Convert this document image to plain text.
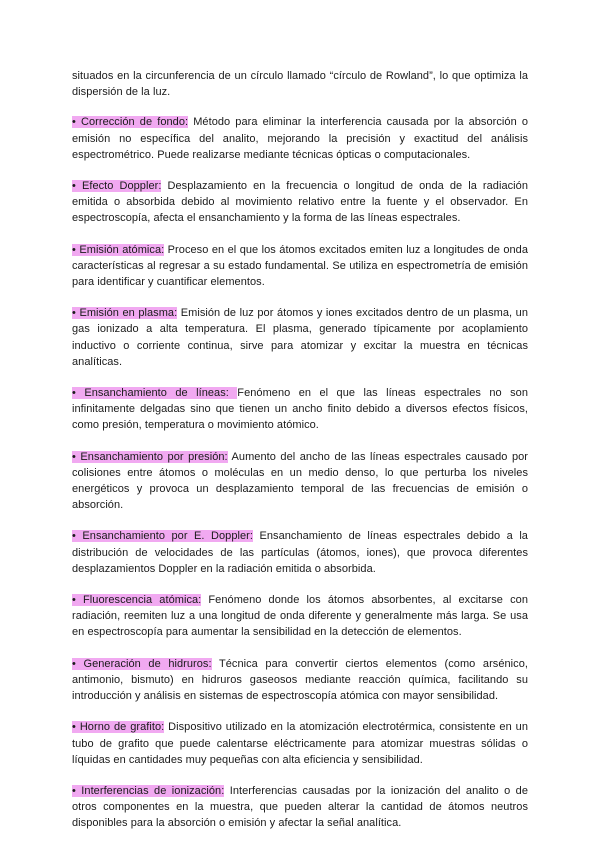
situados en la circunferencia de un círculo llamado “círculo de Rowland”, lo que optimiza la dispersión de la luz.

• Corrección de fondo: Método para eliminar la interferencia causada por la absorción o emisión no específica del analito, mejorando la precisión y exactitud del análisis espectrométrico. Puede realizarse mediante técnicas ópticas o computacionales.

• Efecto Doppler: Desplazamiento en la frecuencia o longitud de onda de la radiación emitida o absorbida debido al movimiento relativo entre la fuente y el observador. En espectroscopía, afecta el ensanchamiento y la forma de las líneas espectrales.

• Emisión atómica: Proceso en el que los átomos excitados emiten luz a longitudes de onda características al regresar a su estado fundamental. Se utiliza en espectrometría de emisión para identificar y cuantificar elementos.

• Emisión en plasma: Emisión de luz por átomos y iones excitados dentro de un plasma, un gas ionizado a alta temperatura. El plasma, generado típicamente por acoplamiento inductivo o corriente continua, sirve para atomizar y excitar la muestra en técnicas analíticas.

• Ensanchamiento de líneas: Fenómeno en el que las líneas espectrales no son infinitamente delgadas sino que tienen un ancho finito debido a diversos efectos físicos, como presión, temperatura o movimiento atómico.

• Ensanchamiento por presión: Aumento del ancho de las líneas espectrales causado por colisiones entre átomos o moléculas en un medio denso, lo que perturba los niveles energéticos y provoca un desplazamiento temporal de las frecuencias de emisión o absorción.

• Ensanchamiento por E. Doppler: Ensanchamiento de líneas espectrales debido a la distribución de velocidades de las partículas (átomos, iones), que provoca diferentes desplazamientos Doppler en la radiación emitida o absorbida.

• Fluorescencia atómica: Fenómeno donde los átomos absorbentes, al excitarse con radiación, reemiten luz a una longitud de onda diferente y generalmente más larga. Se usa en espectroscopía para aumentar la sensibilidad en la detección de elementos.

• Generación de hidruros: Técnica para convertir ciertos elementos (como arsénico, antimonio, bismuto) en hidruros gaseosos mediante reacción química, facilitando su introducción y análisis en sistemas de espectroscopía atómica con mayor sensibilidad.

• Horno de grafito: Dispositivo utilizado en la atomización electrotérmica, consistente en un tubo de grafito que puede calentarse eléctricamente para atomizar muestras sólidas o líquidas en cantidades muy pequeñas con alta eficiencia y sensibilidad.

• Interferencias de ionización: Interferencias causadas por la ionización del analito o de otros componentes en la muestra, que pueden alterar la cantidad de átomos neutros disponibles para la absorción o emisión y afectar la señal analítica.
